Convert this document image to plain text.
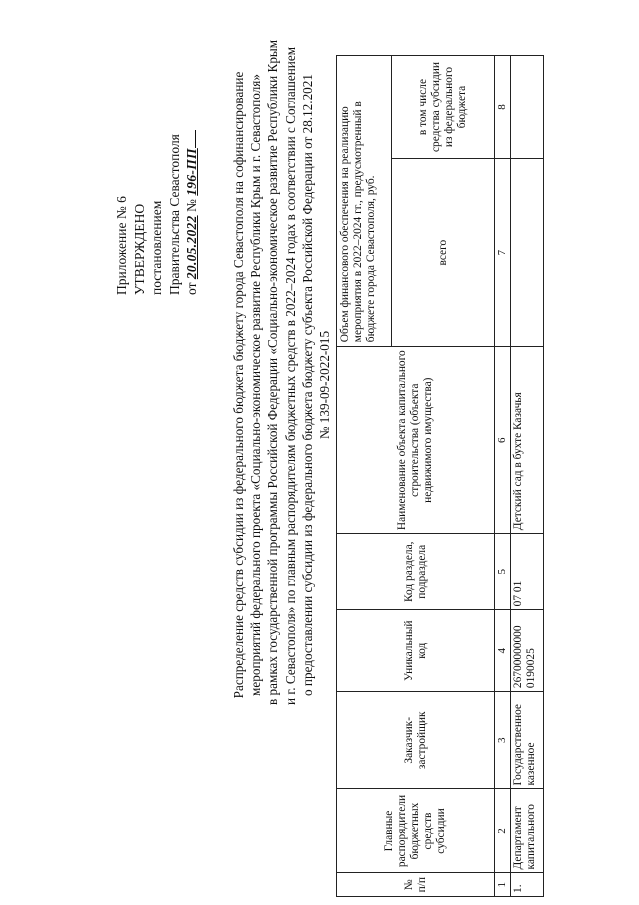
Приложение № 6 УТВЕРЖДЕНО постановлением Правительства Севастополя от 20.05.2022 № 196-ПП Распределение средств субсидии из федерального бюджета бюджету города Севастополя на софинансирование мероприятий федерального проекта «Социально-экономическое развитие Республики Крым и г. Севастополя» в рамках государственной программы Российской Федерации «Социально-экономическое развитие Республики Крым и г. Севастополя» по главным распорядителям бюджетных средств в 2022–2024 годах в соответствии с Соглашением о предоставлении субсидии из федерального бюджета бюджету субъекта Российской Федерации от 28.12.2021 № 139-09-2022-015
№ п/п	Главные распорядители бюджетных средств субсидии	Заказчик-застройщик	Уникальный код	Код раздела, подраздела	Наименование объекта капитального строительства (объекта недвижимого имущества)	Объем финансового обеспечения на реализацию мероприятия в 2022–2024 гг., предусмотренный в бюджете города Севастополя, руб.	
						всего	в том числе средства субсидии из федерального бюджета
1	2	3	4	5	6	7	8
1.	Департамент капитального	Государственное казенное	26700000000 0190025	07 01	Детский сад в бухте Казачья		
